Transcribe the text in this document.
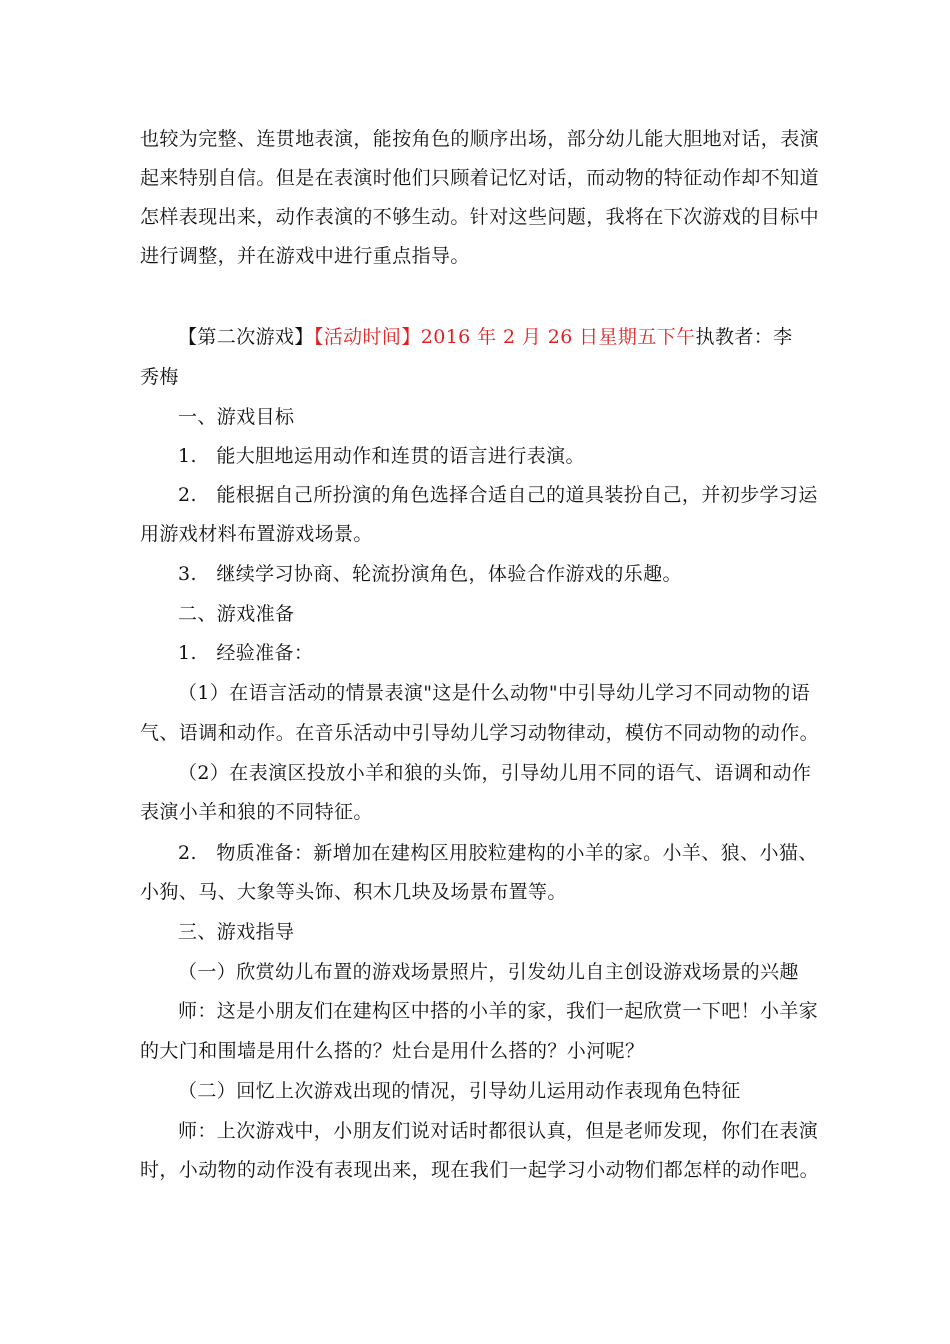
也较为完整、连贯地表演，能按角色的顺序出场，部分幼儿能大胆地对话，表演
起来特别自信。但是在表演时他们只顾着记忆对话，而动物的特征动作却不知道
怎样表现出来，动作表演的不够生动。针对这些问题，我将在下次游戏的目标中
进行调整，并在游戏中进行重点指导。
【第二次游戏】【活动时间】2016 年 2 月 26 日星期五下午执教者：李
秀梅
一、游戏目标
1.　能大胆地运用动作和连贯的语言进行表演。
2.　能根据自己所扮演的角色选择合适自己的道具装扮自己，并初步学习运
用游戏材料布置游戏场景。
3.　继续学习协商、轮流扮演角色，体验合作游戏的乐趣。
二、游戏准备
1.　经验准备：
（1）在语言活动的情景表演"这是什么动物"中引导幼儿学习不同动物的语
气、语调和动作。在音乐活动中引导幼儿学习动物律动，模仿不同动物的动作。
（2）在表演区投放小羊和狼的头饰，引导幼儿用不同的语气、语调和动作
表演小羊和狼的不同特征。
2.　物质准备：新增加在建构区用胶粒建构的小羊的家。小羊、狼、小猫、
小狗、马、大象等头饰、积木几块及场景布置等。
三、游戏指导
（一）欣赏幼儿布置的游戏场景照片，引发幼儿自主创设游戏场景的兴趣
师：这是小朋友们在建构区中搭的小羊的家，我们一起欣赏一下吧！小羊家
的大门和围墙是用什么搭的？灶台是用什么搭的？小河呢？
（二）回忆上次游戏出现的情况，引导幼儿运用动作表现角色特征
师：上次游戏中，小朋友们说对话时都很认真，但是老师发现，你们在表演
时，小动物的动作没有表现出来，现在我们一起学习小动物们都怎样的动作吧。
